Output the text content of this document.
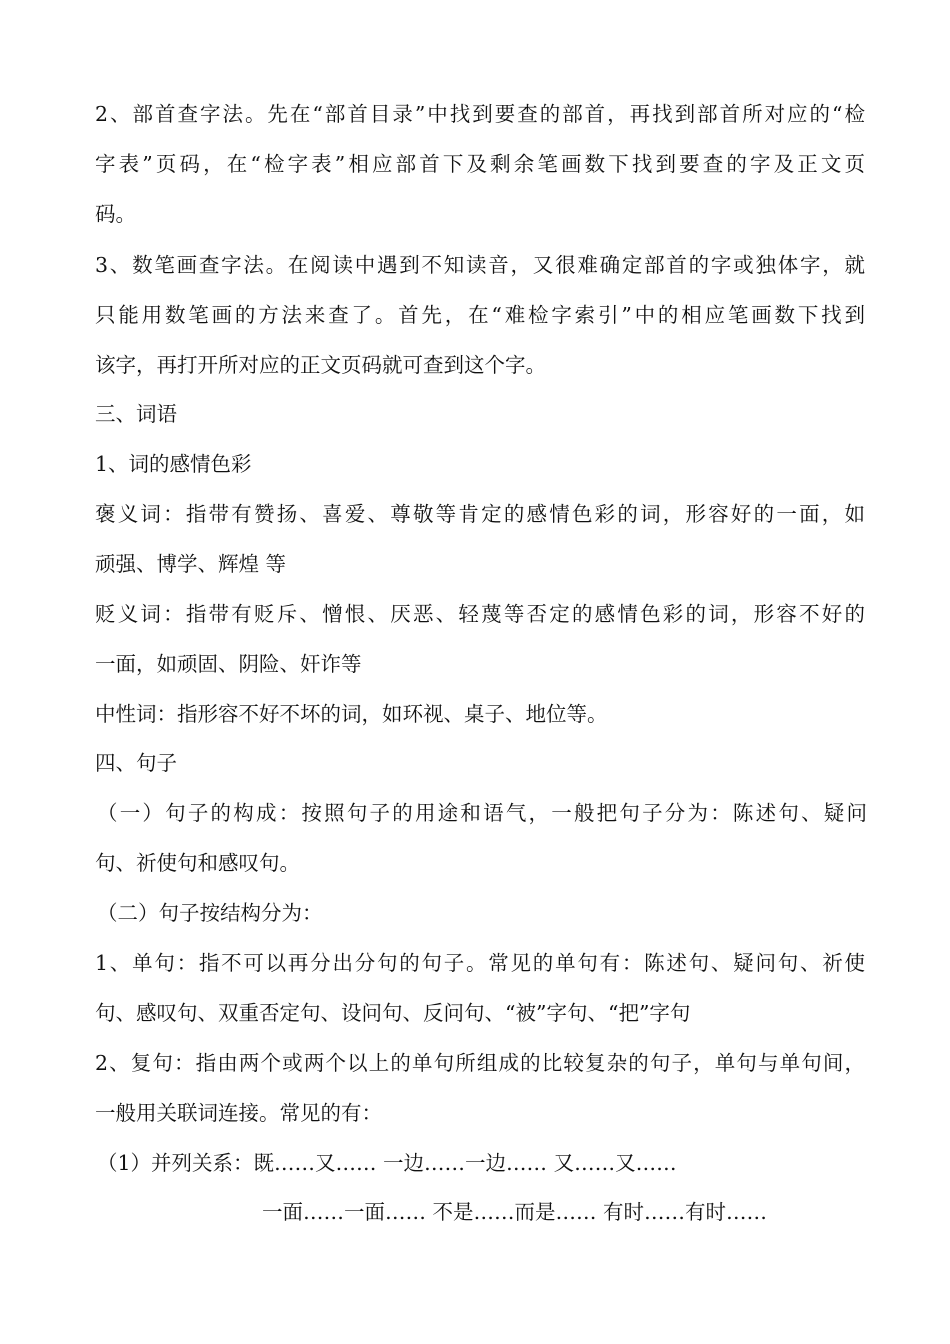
2、部首查字法。先在“部首目录”中找到要查的部首，再找到部首所对应的“检
字表”页码，在“检字表”相应部首下及剩余笔画数下找到要查的字及正文页
码。
3、数笔画查字法。在阅读中遇到不知读音，又很难确定部首的字或独体字，就
只能用数笔画的方法来查了。首先，在“难检字索引”中的相应笔画数下找到
该字，再打开所对应的正文页码就可查到这个字。
三、词语
1、词的感情色彩
褒义词：指带有赞扬、喜爱、尊敬等肯定的感情色彩的词，形容好的一面，如
顽强、博学、辉煌 等
贬义词：指带有贬斥、憎恨、厌恶、轻蔑等否定的感情色彩的词，形容不好的
一面，如顽固、阴险、奸诈等
中性词：指形容不好不坏的词，如环视、桌子、地位等。
四、句子
（一）句子的构成：按照句子的用途和语气，一般把句子分为：陈述句、疑问
句、祈使句和感叹句。
（二）句子按结构分为：
1、单句：指不可以再分出分句的句子。常见的单句有：陈述句、疑问句、祈使
句、感叹句、双重否定句、设问句、反问句、“被”字句、“把”字句
2、复句：指由两个或两个以上的单句所组成的比较复杂的句子，单句与单句间，
一般用关联词连接。常见的有：
（1）并列关系：既……又…… 一边……一边…… 又……又……
一面……一面…… 不是……而是…… 有时……有时……
